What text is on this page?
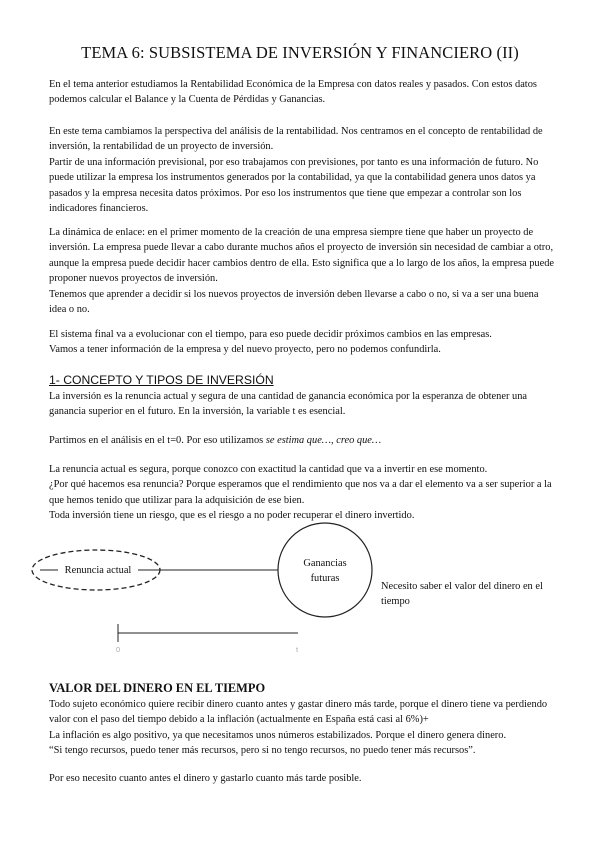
TEMA 6: SUBSISTEMA DE INVERSIÓN Y FINANCIERO (II)

En el tema anterior estudiamos la Rentabilidad Económica de la Empresa con datos reales y pasados. Con estos datos podemos calcular el Balance y la Cuenta de Pérdidas y Ganancias.

En este tema cambiamos la perspectiva del análisis de la rentabilidad. Nos centramos en el concepto de rentabilidad de inversión, la rentabilidad de un proyecto de inversión.

Partir de una información previsional, por eso trabajamos con previsiones, por tanto es una información de futuro. No puede utilizar la empresa los instrumentos generados por la contabilidad, ya que la contabilidad genera unos datos ya pasados y la empresa necesita datos próximos. Por eso los instrumentos que tiene que empezar a controlar son los indicadores financieros.

La dinámica de enlace: en el primer momento de la creación de una empresa siempre tiene que haber un proyecto de inversión. La empresa puede llevar a cabo durante muchos años el proyecto de inversión sin necesidad de cambiar a otro, aunque la empresa puede decidir hacer cambios dentro de ella. Esto significa que a lo largo de los años, la empresa puede proponer nuevos proyectos de inversión.

Tenemos que aprender a decidir si los nuevos proyectos de inversión deben llevarse a cabo o no, si va a ser una buena idea o no.

El sistema final va a evolucionar con el tiempo, para eso puede decidir próximos cambios en las empresas.

Vamos a tener información de la empresa y del nuevo proyecto, pero no podemos confundirla.

1- CONCEPTO Y TIPOS DE INVERSIÓN

La inversión es la renuncia actual y segura de una cantidad de ganancia económica por la esperanza de obtener una ganancia superior en el futuro. En la inversión, la variable t es esencial.

Partimos en el análisis en el t=0. Por eso utilizamos se estima que…, creo que…

La renuncia actual es segura, porque conozco con exactitud la cantidad que va a invertir en ese momento.

¿Por qué hacemos esa renuncia? Porque esperamos que el rendimiento que nos va a dar el elemento va a ser superior a la que hemos tenido que utilizar para la adquisición de ese bien.

Toda inversión tiene un riesgo, que es el riesgo a no poder recuperar el dinero invertido.

Renuncia actual
Ganancias
futuras
Necesito saber el valor del dinero en el tiempo
0	t
VALOR DEL DINERO EN EL TIEMPO

Todo sujeto económico quiere recibir dinero cuanto antes y gastar dinero más tarde, porque el dinero tiene va perdiendo valor con el paso del tiempo debido a la inflación (actualmente en España está casi al 6%)+

La inflación es algo positivo, ya que necesitamos unos números estabilizados. Porque el dinero genera dinero.

“Si tengo recursos, puedo tener más recursos, pero si no tengo recursos, no puedo tener más recursos”.

Por eso necesito cuanto antes el dinero y gastarlo cuanto más tarde posible.
